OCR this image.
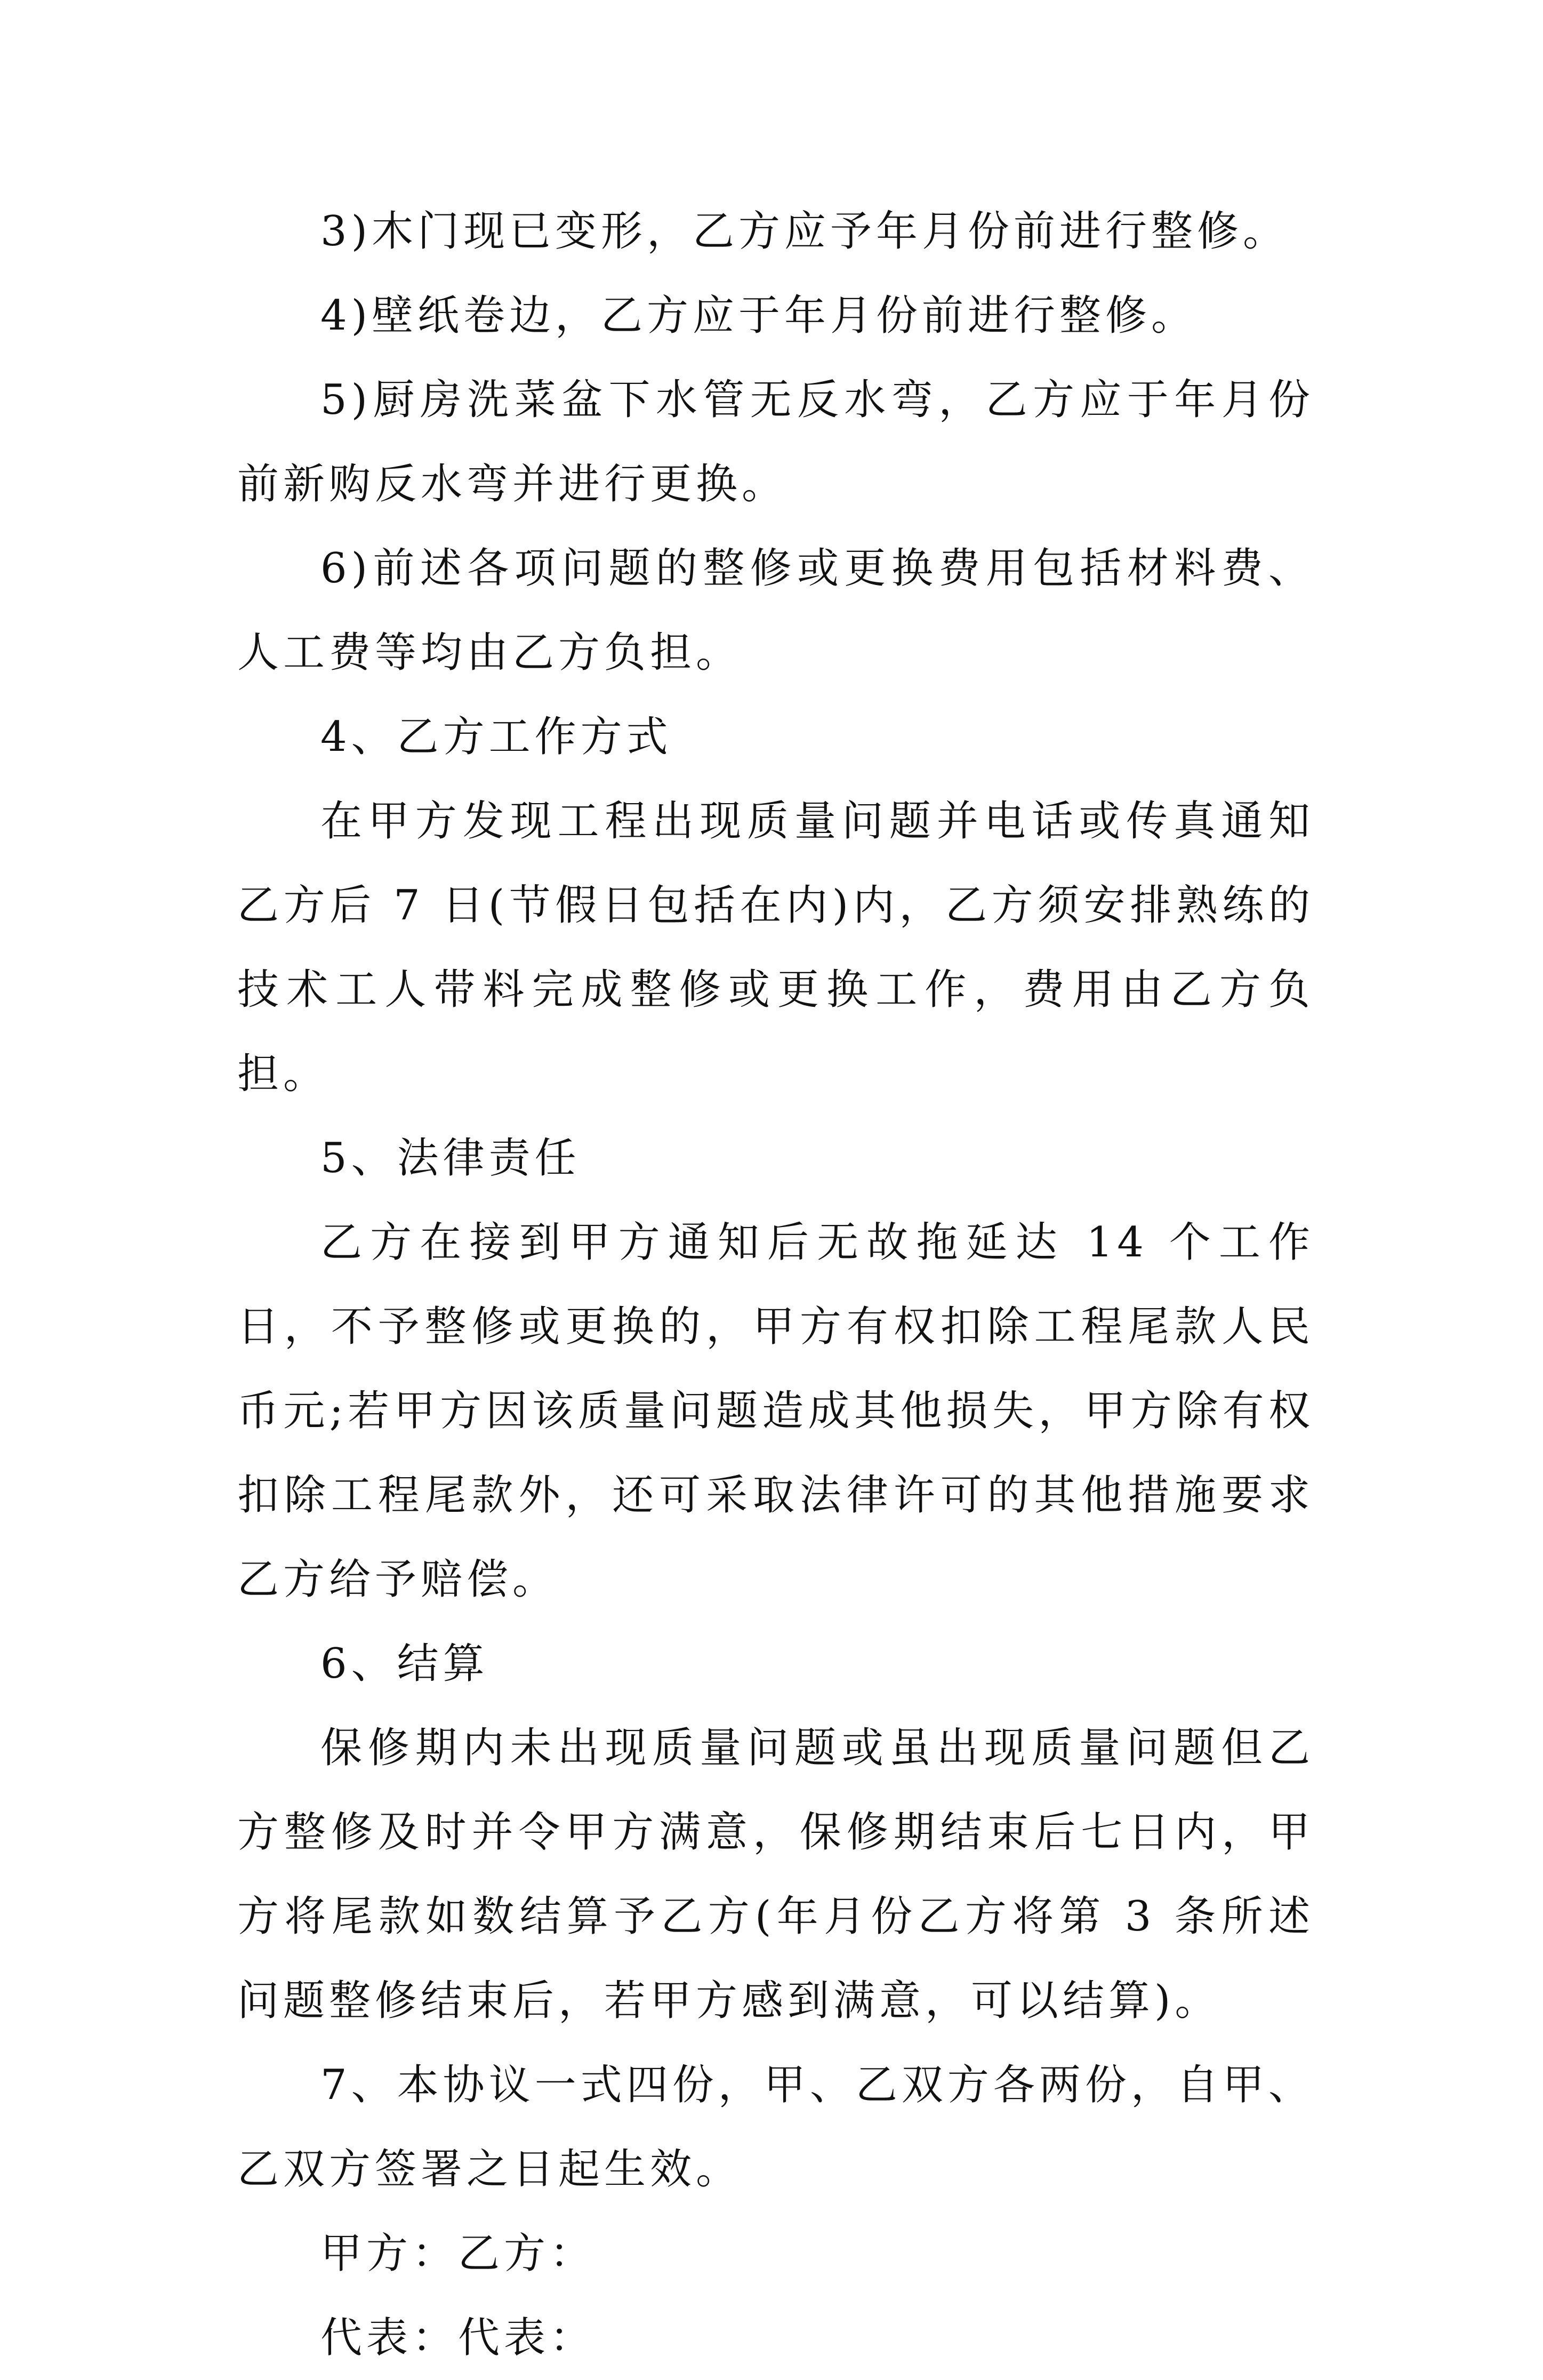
3)木门现已变形，乙方应予年月份前进行整修。

4)壁纸卷边，乙方应于年月份前进行整修。

5)厨房洗菜盆下水管无反水弯，乙方应于年月份前新购反水弯并进行更换。

6)前述各项问题的整修或更换费用包括材料费、人工费等均由乙方负担。

4、乙方工作方式

在甲方发现工程出现质量问题并电话或传真通知乙方后 7 日(节假日包括在内)内，乙方须安排熟练的技术工人带料完成整修或更换工作，费用由乙方负担。

5、法律责任

乙方在接到甲方通知后无故拖延达 14 个工作日，不予整修或更换的，甲方有权扣除工程尾款人民币元;若甲方因该质量问题造成其他损失，甲方除有权扣除工程尾款外，还可采取法律许可的其他措施要求乙方给予赔偿。

6、结算

保修期内未出现质量问题或虽出现质量问题但乙方整修及时并令甲方满意，保修期结束后七日内，甲方将尾款如数结算予乙方(年月份乙方将第 3 条所述问题整修结束后，若甲方感到满意，可以结算)。

7、本协议一式四份，甲、乙双方各两份，自甲、乙双方签署之日起生效。

甲方：乙方：

代表：代表：
